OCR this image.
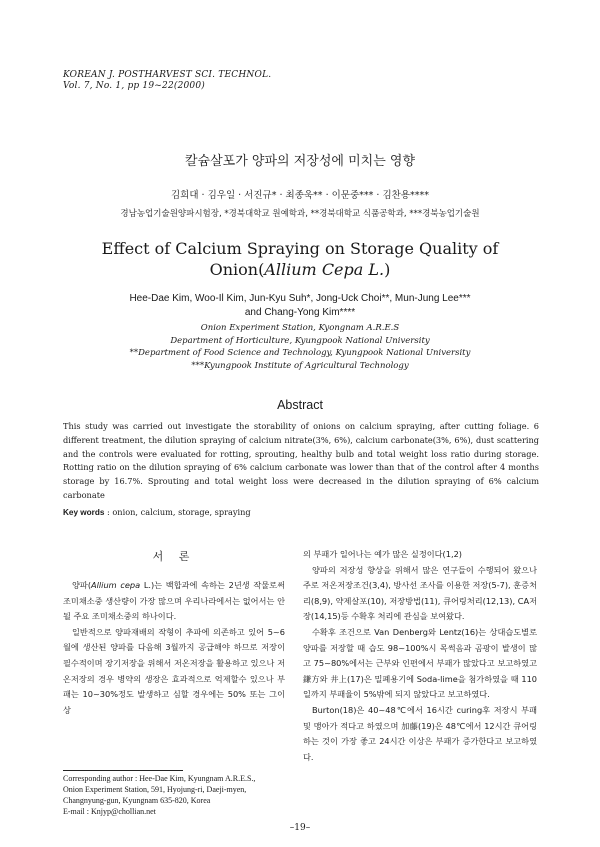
KOREAN J. POSTHARVEST SCI. TECHNOL.
Vol. 7, No. 1, pp 19~22(2000)
칼슘살포가 양파의 저장성에 미치는 영향
김희대 · 김우일 · 서진규* · 최종욱** · 이문중*** · 김찬용****
경남농업기술원양파시험장, *경북대학교 원예학과, **경북대학교 식품공학과, ***경북농업기술원
Effect of Calcium Spraying on Storage Quality of
Onion(Allium Cepa L.)
Hee-Dae Kim, Woo-Il Kim, Jun-Kyu Suh*, Jong-Uck Choi**, Mun-Jung Lee***
and Chang-Yong Kim****
Onion Experiment Station, Kyongnam A.R.E.S
Department of Horticulture, Kyungpook National University
**Department of Food Science and Technology, Kyungpook National University
***Kyungpook Institute of Agricultural Technology
Abstract
This study was carried out investigate the storability of onions on calcium spraying, after cutting foliage. 6 different treatment, the dilution spraying of calcium nitrate(3%, 6%), calcium carbonate(3%, 6%), dust scattering and the controls were evaluated for rotting, sprouting, healthy bulb and total weight loss ratio during storage. Rotting ratio on the dilution spraying of 6% calcium carbonate was lower than that of the control after 4 months storage by 16.7%. Sprouting and total weight loss were decreased in the dilution spraying of 6% calcium carbonate
Key words : onion, calcium, storage, spraying
서 론

양파(Allium cepa L.)는 백합과에 속하는 2년생 작물로써 조미채소중 생산량이 가장 많으며 우리나라에서는 없어서는 안될 주요 조미채소중의 하나이다.

일반적으로 양파재배의 작형이 추파에 의존하고 있어 5~6월에 생산된 양파를 다음해 3월까지 공급해야 하므로 저장이 필수적이며 장기저장을 위해서 저온저장을 활용하고 있으나 저온저장의 경우 병약의 생장은 효과적으로 억제할수 있으나 부패는 10~30%정도 발생하고 심할 경우에는 50% 또는 그이상

의 부패가 일어나는 예가 많은 실정이다(1,2)

양파의 저장성 향상을 위해서 많은 연구들이 수행되어 왔으나 주로 저온저장조건(3,4), 방사선 조사를 이용한 저장(5-7), 훈증처리(8,9), 약제살포(10), 저장방법(11), 큐어링처리(12,13), CA저장(14,15)등 수확후 처리에 관심을 보여왔다.

수확후 조건으로 Van Denberg와 Lentz(16)는 상대습도별로 양파를 저장할 때 습도 98~100%시 목썩음과 곰팡이 발생이 많고 75~80%에서는 근부와 인편에서 부패가 많았다고 보고하였고 鎌方와 井上(17)은 밀폐용기에 Soda-lime을 첨가하였을 때 110일까지 부패율이 5%밖에 되지 않았다고 보고하였다.

Burton(18)은 40~48℃에서 16시간 curing후 저장시 부패 및 맹아가 적다고 하였으며 加藤(19)은 48℃에서 12시간 큐어링 하는 것이 가장 좋고 24시간 이상은 부패가 증가한다고 보고하였다.

Corresponding author : Hee-Dae Kim, Kyungnam A.R.E.S.,
Onion Experiment Station, 591, Hyojung-ri, Daeji-myen,
Changnyung-gun, Kyungnam 635-820, Korea
E-mail : Knjyp@chollian.net
–19–
